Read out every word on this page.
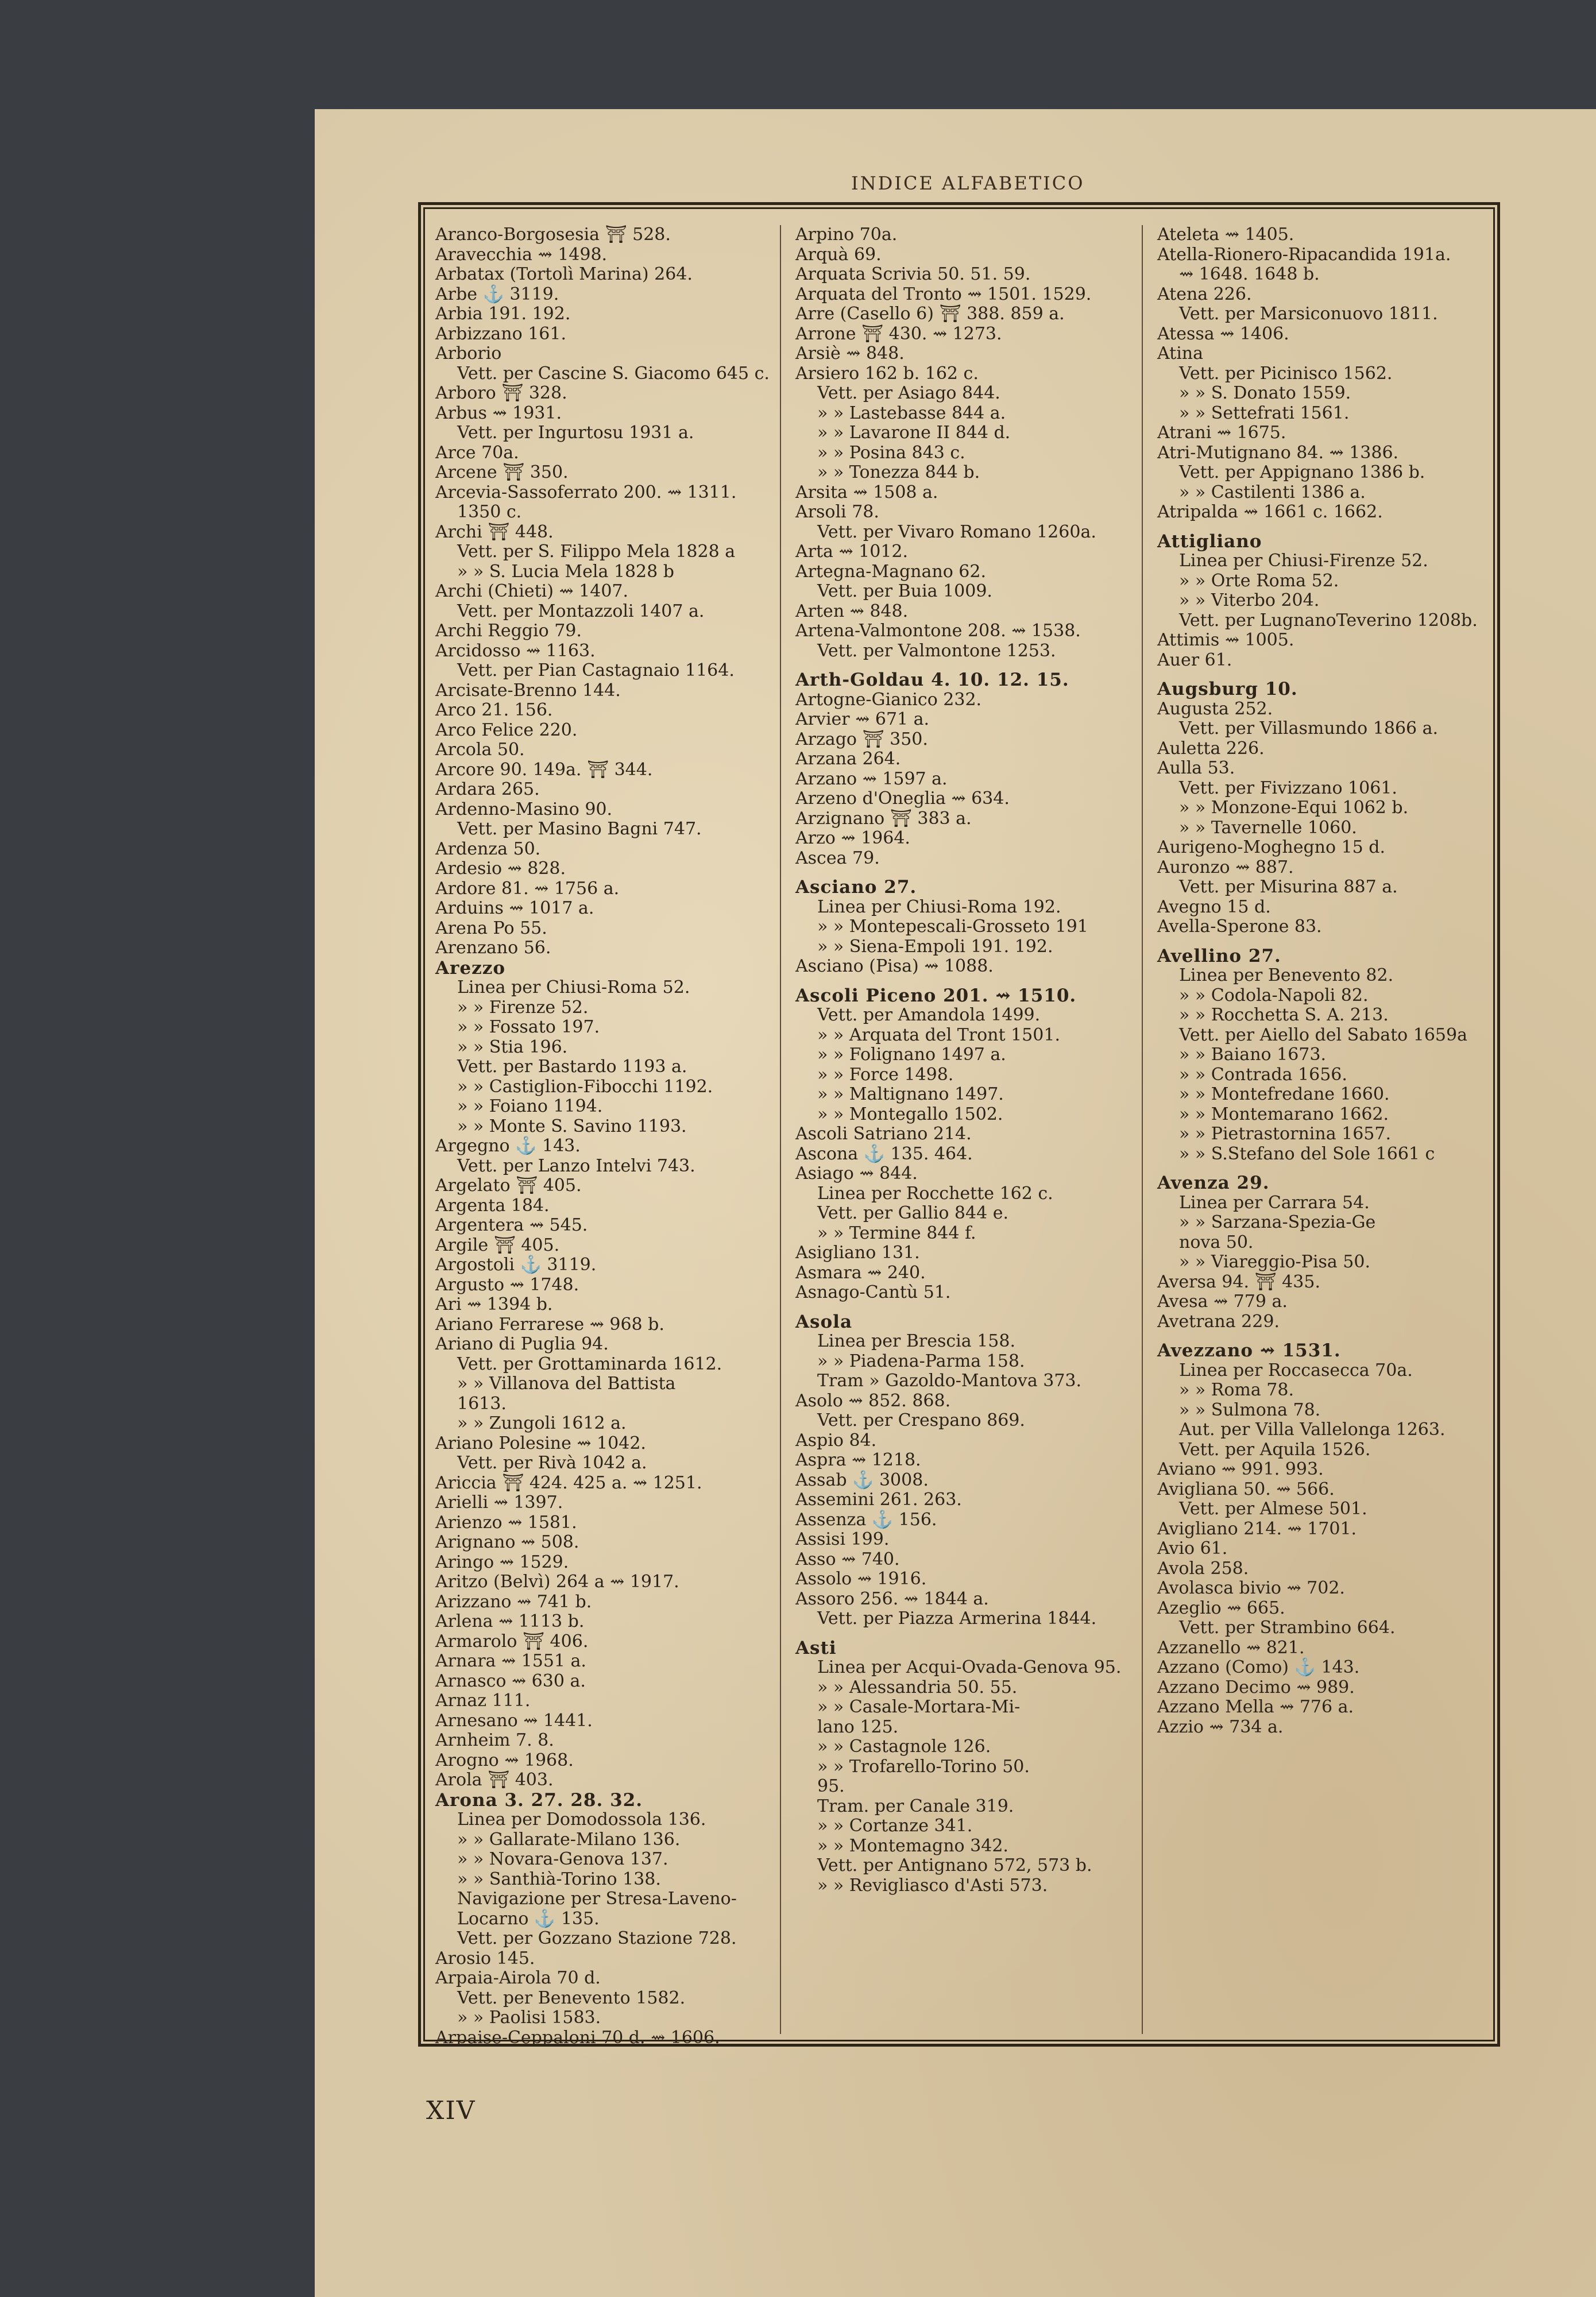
INDICE ALFABETICO
Aranco-Borgosesia ⛩ 528.
Aravecchia ⇝ 1498.
Arbatax (Tortolì Marina) 264.
Arbe ⚓ 3119.
Arbia 191. 192.
Arbizzano 161.
Arborio
Vett. per Cascine S. Giacomo 645 c.
Arboro ⛩ 328.
Arbus ⇝ 1931.
Vett. per Ingurtosu 1931 a.
Arce 70a.
Arcene ⛩ 350.
Arcevia-Sassoferrato 200. ⇝ 1311.
1350 c.
Archi ⛩ 448.
Vett. per S. Filippo Mela 1828 a
» » S. Lucia Mela 1828 b
Archi (Chieti) ⇝ 1407.
Vett. per Montazzoli 1407 a.
Archi Reggio 79.
Arcidosso ⇝ 1163.
Vett. per Pian Castagnaio 1164.
Arcisate-Brenno 144.
Arco 21. 156.
Arco Felice 220.
Arcola 50.
Arcore 90. 149a. ⛩ 344.
Ardara 265.
Ardenno-Masino 90.
Vett. per Masino Bagni 747.
Ardenza 50.
Ardesio ⇝ 828.
Ardore 81. ⇝ 1756 a.
Arduins ⇝ 1017 a.
Arena Po 55.
Arenzano 56.
Arezzo
Linea per Chiusi-Roma 52.
» » Firenze 52.
» » Fossato 197.
» » Stia 196.
Vett. per Bastardo 1193 a.
» » Castiglion-Fibocchi 1192.
» » Foiano 1194.
» » Monte S. Savino 1193.
Argegno ⚓ 143.
Vett. per Lanzo Intelvi 743.
Argelato ⛩ 405.
Argenta 184.
Argentera ⇝ 545.
Argile ⛩ 405.
Argostoli ⚓ 3119.
Argusto ⇝ 1748.
Ari ⇝ 1394 b.
Ariano Ferrarese ⇝ 968 b.
Ariano di Puglia 94.
Vett. per Grottaminarda 1612.
» » Villanova del Battista
1613.
» » Zungoli 1612 a.
Ariano Polesine ⇝ 1042.
Vett. per Rivà 1042 a.
Ariccia ⛩ 424. 425 a. ⇝ 1251.
Arielli ⇝ 1397.
Arienzo ⇝ 1581.
Arignano ⇝ 508.
Aringo ⇝ 1529.
Aritzo (Belvì) 264 a ⇝ 1917.
Arizzano ⇝ 741 b.
Arlena ⇝ 1113 b.
Armarolo ⛩ 406.
Arnara ⇝ 1551 a.
Arnasco ⇝ 630 a.
Arnaz 111.
Arnesano ⇝ 1441.
Arnheim 7. 8.
Arogno ⇝ 1968.
Arola ⛩ 403.
Arona 3. 27. 28. 32.
Linea per Domodossola 136.
» » Gallarate-Milano 136.
» » Novara-Genova 137.
» » Santhià-Torino 138.
Navigazione per Stresa-Laveno-
Locarno ⚓ 135.
Vett. per Gozzano Stazione 728.
Arosio 145.
Arpaia-Airola 70 d.
Vett. per Benevento 1582.
» » Paolisi 1583.
Arpaise-Ceppaloni 70 d. ⇝ 1606.
Arpino 70a.
Arquà 69.
Arquata Scrivia 50. 51. 59.
Arquata del Tronto ⇝ 1501. 1529.
Arre (Casello 6) ⛩ 388. 859 a.
Arrone ⛩ 430. ⇝ 1273.
Arsiè ⇝ 848.
Arsiero 162 b. 162 c.
Vett. per Asiago 844.
» » Lastebasse 844 a.
» » Lavarone II 844 d.
» » Posina 843 c.
» » Tonezza 844 b.
Arsita ⇝ 1508 a.
Arsoli 78.
Vett. per Vivaro Romano 1260a.
Arta ⇝ 1012.
Artegna-Magnano 62.
Vett. per Buia 1009.
Arten ⇝ 848.
Artena-Valmontone 208. ⇝ 1538.
Vett. per Valmontone 1253.
Arth-Goldau 4. 10. 12. 15.
Artogne-Gianico 232.
Arvier ⇝ 671 a.
Arzago ⛩ 350.
Arzana 264.
Arzano ⇝ 1597 a.
Arzeno d'Oneglia ⇝ 634.
Arzignano ⛩ 383 a.
Arzo ⇝ 1964.
Ascea 79.
Asciano 27.
Linea per Chiusi-Roma 192.
» » Montepescali-Grosseto 191
» » Siena-Empoli 191. 192.
Asciano (Pisa) ⇝ 1088.
Ascoli Piceno 201. ⇝ 1510.
Vett. per Amandola 1499.
» » Arquata del Tront 1501.
» » Folignano 1497 a.
» » Force 1498.
» » Maltignano 1497.
» » Montegallo 1502.
Ascoli Satriano 214.
Ascona ⚓ 135. 464.
Asiago ⇝ 844.
Linea per Rocchette 162 c.
Vett. per Gallio 844 e.
» » Termine 844 f.
Asigliano 131.
Asmara ⇝ 240.
Asnago-Cantù 51.
Asola
Linea per Brescia 158.
» » Piadena-Parma 158.
Tram » Gazoldo-Mantova 373.
Asolo ⇝ 852. 868.
Vett. per Crespano 869.
Aspio 84.
Aspra ⇝ 1218.
Assab ⚓ 3008.
Assemini 261. 263.
Assenza ⚓ 156.
Assisi 199.
Asso ⇝ 740.
Assolo ⇝ 1916.
Assoro 256. ⇝ 1844 a.
Vett. per Piazza Armerina 1844.
Asti
Linea per Acqui-Ovada-Genova 95.
» » Alessandria 50. 55.
» » Casale-Mortara-Mi-
lano 125.
» » Castagnole 126.
» » Trofarello-Torino 50.
95.
Tram. per Canale 319.
» » Cortanze 341.
» » Montemagno 342.
Vett. per Antignano 572, 573 b.
» » Revigliasco d'Asti 573.
Ateleta ⇝ 1405.
Atella-Rionero-Ripacandida 191a.
⇝ 1648. 1648 b.
Atena 226.
Vett. per Marsiconuovo 1811.
Atessa ⇝ 1406.
Atina
Vett. per Picinisco 1562.
» » S. Donato 1559.
» » Settefrati 1561.
Atrani ⇝ 1675.
Atri-Mutignano 84. ⇝ 1386.
Vett. per Appignano 1386 b.
» » Castilenti 1386 a.
Atripalda ⇝ 1661 c. 1662.
Attigliano
Linea per Chiusi-Firenze 52.
» » Orte Roma 52.
» » Viterbo 204.
Vett. per LugnanoTeverino 1208b.
Attimis ⇝ 1005.
Auer 61.
Augsburg 10.
Augusta 252.
Vett. per Villasmundo 1866 a.
Auletta 226.
Aulla 53.
Vett. per Fivizzano 1061.
» » Monzone-Equi 1062 b.
» » Tavernelle 1060.
Aurigeno-Moghegno 15 d.
Auronzo ⇝ 887.
Vett. per Misurina 887 a.
Avegno 15 d.
Avella-Sperone 83.
Avellino 27.
Linea per Benevento 82.
» » Codola-Napoli 82.
» » Rocchetta S. A. 213.
Vett. per Aiello del Sabato 1659a
» » Baiano 1673.
» » Contrada 1656.
» » Montefredane 1660.
» » Montemarano 1662.
» » Pietrastornina 1657.
» » S.Stefano del Sole 1661 c
Avenza 29.
Linea per Carrara 54.
» » Sarzana-Spezia-Ge
nova 50.
» » Viareggio-Pisa 50.
Aversa 94. ⛩ 435.
Avesa ⇝ 779 a.
Avetrana 229.
Avezzano ⇝ 1531.
Linea per Roccasecca 70a.
» » Roma 78.
» » Sulmona 78.
Aut. per Villa Vallelonga 1263.
Vett. per Aquila 1526.
Aviano ⇝ 991. 993.
Avigliana 50. ⇝ 566.
Vett. per Almese 501.
Avigliano 214. ⇝ 1701.
Avio 61.
Avola 258.
Avolasca bivio ⇝ 702.
Azeglio ⇝ 665.
Vett. per Strambino 664.
Azzanello ⇝ 821.
Azzano (Como) ⚓ 143.
Azzano Decimo ⇝ 989.
Azzano Mella ⇝ 776 a.
Azzio ⇝ 734 a.
XIV
